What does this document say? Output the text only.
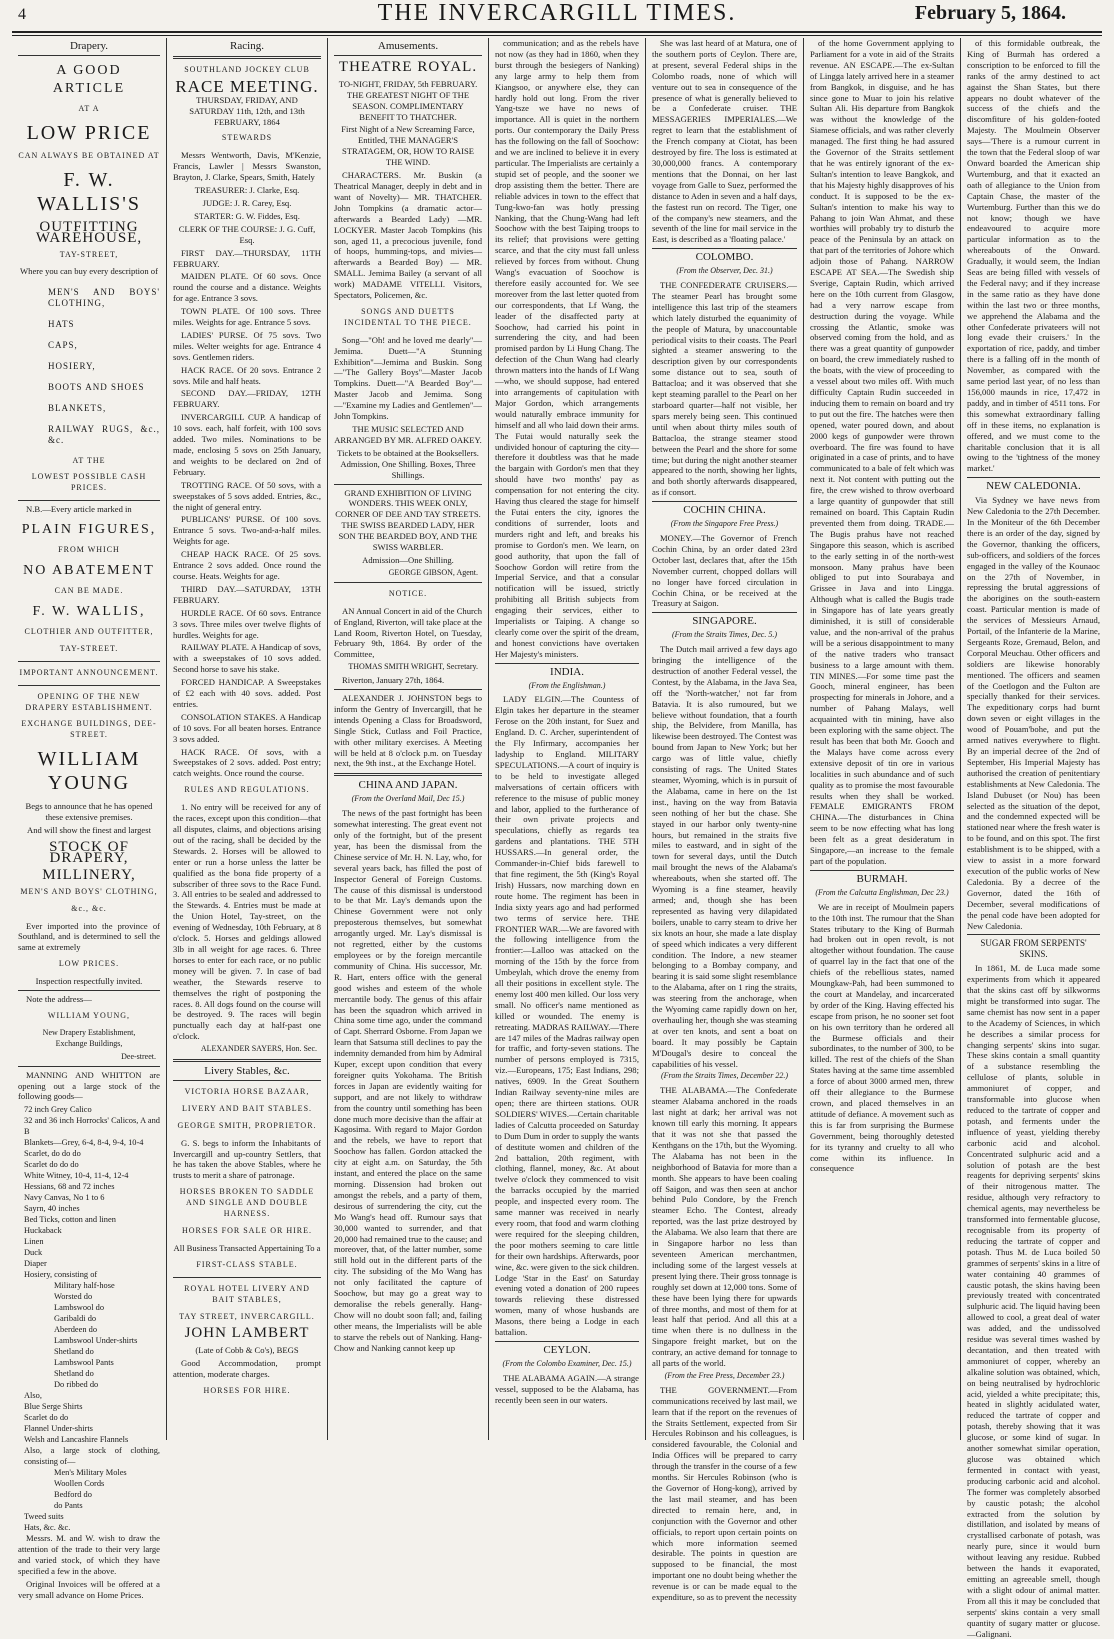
4	THE INVERCARGILL TIMES.	February 5, 1864.
Drapery.
A GOOD ARTICLE
AT A
LOW PRICE
CAN ALWAYS BE OBTAINED AT
F. W. WALLIS'S
OUTFITTING WAREHOUSE,
TAY-STREET,

Where you can buy every description of

MEN'S AND BOYS' CLOTHING,
HATS
CAPS,
HOSIERY,
BOOTS AND SHOES
BLANKETS,
RAILWAY RUGS, &c., &c.
AT THE
LOWEST POSSIBLE CASH PRICES.

N.B.—Every article marked in

PLAIN FIGURES,
FROM WHICH
NO ABATEMENT
CAN BE MADE.
F. W. WALLIS,
CLOTHIER AND OUTFITTER,
TAY-STREET.
IMPORTANT ANNOUNCEMENT.
OPENING OF THE NEW DRAPERY ESTABLISHMENT.
EXCHANGE BUILDINGS, DEE-STREET.
WILLIAM YOUNG

Begs to announce that he has opened these extensive premises.

And will show the finest and largest

STOCK OF DRAPERY,
MILLINERY,
MEN'S AND BOYS' CLOTHING,
&c., &c.

Ever imported into the province of Southland, and is determined to sell the same at extremely

LOW PRICES.

Inspection respectfully invited.

Note the address—

WILLIAM YOUNG,
New Drapery Establishment,
Exchange Buildings,
Dee-street.

MANNING AND WHITTON are opening out a large stock of the following goods—

72 inch Grey Calico
32 and 36 inch Horrocks' Calicos, A and B
Blankets—Grey, 6-4, 8-4, 9-4, 10-4
Scarlet, do do do
Scarlet do do do
White Witney, 10-4, 11-4, 12-4
Hessians, 68 and 72 inches
Navy Canvas, No 1 to 6
Sayrn, 40 inches
Bed Ticks, cotton and linen
Huckaback
Linen
Duck
Diaper
Hosiery, consisting of
Military half-hose
Worsted do
Lambswool do
Garibaldi do
Aberdeen do
Lambswool Under-shirts
Shetland do
Lambswool Pants
Shetland do
Do ribbed do
Also,
Blue Serge Shirts
Scarlet do do
Flannel Under-shirts
Welsh and Lancashire Flannels
Also, a large stock of clothing, consisting of—
Men's Military Moles
Woollen Cords
Bedford do
do Pants
Tweed suits
Hats, &c. &c.

Messrs. M. and W. wish to draw the attention of the trade to their very large and varied stock, of which they have specified a few in the above.

Original Invoices will be offered at a very small advance on Home Prices.

Racing.
SOUTHLAND JOCKEY CLUB
RACE MEETING.

THURSDAY, FRIDAY, AND SATURDAY 11th, 12th, and 13th FEBRUARY, 1864

STEWARDS

Messrs Wentworth, Davis, M'Kenzie, Francis, Lawler | Messrs Swanston, Brayton, J. Clarke, Spears, Smith, Hately

TREASURER: J. Clarke, Esq.

JUDGE: J. R. Carey, Esq.

STARTER: G. W. Fiddes, Esq.

CLERK OF THE COURSE: J. G. Cuff, Esq.

FIRST DAY.—THURSDAY, 11TH FEBRUARY.

MAIDEN PLATE. Of 60 sovs. Once round the course and a distance. Weights for age. Entrance 3 sovs.

TOWN PLATE. Of 100 sovs. Three miles. Weights for age. Entrance 5 sovs.

LADIES' PURSE. Of 75 sovs. Two miles. Welter weights for age. Entrance 4 sovs. Gentlemen riders.

HACK RACE. Of 20 sovs. Entrance 2 sovs. Mile and half heats.

SECOND DAY.—FRIDAY, 12TH FEBRUARY.

INVERCARGILL CUP. A handicap of 10 sovs. each, half forfeit, with 100 sovs added. Two miles. Nominations to be made, enclosing 5 sovs on 25th January, and weights to be declared on 2nd of February.

TROTTING RACE. Of 50 sovs, with a sweepstakes of 5 sovs added. Entries, &c., the night of general entry.

PUBLICANS' PURSE. Of 100 sovs. Entrance 5 sovs. Two-and-a-half miles. Weights for age.

CHEAP HACK RACE. Of 25 sovs. Entrance 2 sovs added. Once round the course. Heats. Weights for age.

THIRD DAY.—SATURDAY, 13TH FEBRUARY.

HURDLE RACE. Of 60 sovs. Entrance 3 sovs. Three miles over twelve flights of hurdles. Weights for age.

RAILWAY PLATE. A Handicap of sovs, with a sweepstakes of 10 sovs added. Second horse to save his stake.

FORCED HANDICAP. A Sweepstakes of £2 each with 40 sovs. added. Post entries.

CONSOLATION STAKES. A Handicap of 10 sovs. For all beaten horses. Entrance 3 sovs added.

HACK RACE. Of sovs, with a Sweepstakes of 2 sovs. added. Post entry; catch weights. Once round the course.

RULES AND REGULATIONS.

1. No entry will be received for any of the races, except upon this condition—that all disputes, claims, and objections arising out of the racing, shall be decided by the Stewards. 2. Horses will be allowed to enter or run a horse unless the latter be qualified as the bona fide property of a subscriber of three sovs to the Race Fund. 3. All entries to be sealed and addressed to the Stewards. 4. Entries must be made at the Union Hotel, Tay-street, on the evening of Wednesday, 10th February, at 8 o'clock. 5. Horses and geldings allowed 3lb in all weight for age races. 6. Three horses to enter for each race, or no public money will be given. 7. In case of bad weather, the Stewards reserve to themselves the right of postponing the races. 8. All dogs found on the course will be destroyed. 9. The races will begin punctually each day at half-past one o'clock.

ALEXANDER SAYERS, Hon. Sec.
Livery Stables, &c.
VICTORIA HORSE BAZAAR,
LIVERY AND BAIT STABLES.
GEORGE SMITH, PROPRIETOR.

G. S. begs to inform the Inhabitants of Invercargill and up-country Settlers, that he has taken the above Stables, where he trusts to merit a share of patronage.

HORSES BROKEN TO SADDLE AND SINGLE AND DOUBLE HARNESS.
HORSES FOR SALE OR HIRE.

All Business Transacted Appertaining To a

FIRST-CLASS STABLE.
ROYAL HOTEL LIVERY AND BAIT STABLES,
TAY STREET, INVERCARGILL.
JOHN LAMBERT

(Late of Cobb & Co's), BEGS

Good Accommodation, prompt attention, moderate charges.

HORSES FOR HIRE.
Amusements.
THEATRE ROYAL.

TO-NIGHT, FRIDAY, 5th FEBRUARY. THE GREATEST NIGHT OF THE SEASON. COMPLIMENTARY BENEFIT TO THATCHER.

First Night of a New Screaming Farce, Entitled, THE MANAGER'S STRATAGEM, OR, HOW TO RAISE THE WIND.

CHARACTERS. Mr. Buskin (a Theatrical Manager, deeply in debt and in want of Novelty)— MR. THATCHER. John Tompkins (a dramatic actor—afterwards a Bearded Lady) —MR. LOCKYER. Master Jacob Tompkins (his son, aged 11, a precocious juvenile, fond of hoops, humming-tops, and mivies—afterwards a Bearded Boy) — MR. SMALL. Jemima Bailey (a servant of all work) MADAME VITELLI. Visitors, Spectators, Policemen, &c.

SONGS AND DUETTS INCIDENTAL TO THE PIECE.

Song—"Oh! and he loved me dearly"—Jemima. Duett—"A Stunning Exhibition"—Jemima and Buskin. Song—"The Gallery Boys"—Master Jacob Tompkins. Duett—"A Bearded Boy"—Master Jacob and Jemima. Song—"Examine my Ladies and Gentlemen"—John Tompkins.

THE MUSIC SELECTED AND ARRANGED BY MR. ALFRED OAKEY.

Tickets to be obtained at the Booksellers. Admission, One Shilling. Boxes, Three Shillings.

GRAND EXHIBITION OF LIVING WONDERS. THIS WEEK ONLY, CORNER OF DEE AND TAY STREETS. THE SWISS BEARDED LADY, HER SON THE BEARDED BOY, AND THE SWISS WARBLER.

Admission—One Shilling.

GEORGE GIBSON, Agent.
NOTICE.

AN Annual Concert in aid of the Church of England, Riverton, will take place at the Land Room, Riverton Hotel, on Tuesday, February 9th, 1864. By order of the Committee,

THOMAS SMITH WRIGHT, Secretary.

Riverton, January 27th, 1864.

ALEXANDER J. JOHNSTON begs to inform the Gentry of Invercargill, that he intends Opening a Class for Broadsword, Single Stick, Cutlass and Foil Practice, with other military exercises. A Meeting will be held at 8 o'clock p.m. on Tuesday next, the 9th inst., at the Exchange Hotel.

CHINA AND JAPAN.
(From the Overland Mail, Dec 15.)

The news of the past fortnight has been somewhat interesting. The great event not only of the fortnight, but of the present year, has been the dismissal from the Chinese service of Mr. H. N. Lay, who, for several years back, has filled the post of Inspector General of Foreign Customs. The cause of this dismissal is understood to be that Mr. Lay's demands upon the Chinese Government were not only preposterous themselves, but somewhat arrogantly urged. Mr. Lay's dismissal is not regretted, either by the customs employees or by the foreign mercantile community of China. His successor, Mr. R. Hart, enters office with the general good wishes and esteem of the whole mercantile body. The genus of this affair has been the squadron which arrived in China some time ago, under the command of Capt. Sherrard Osborne. From Japan we learn that Satsuma still declines to pay the indemnity demanded from him by Admiral Kuper, except upon condition that every foreigner quits Yokohama. The British forces in Japan are evidently waiting for support, and are not likely to withdraw from the country until something has been done much more decisive than the affair at Kagosima. With regard to Major Gordon and the rebels, we have to report that Soochow has fallen. Gordon attacked the city at eight a.m. on Saturday, the 5th instant, and entered the place on the same morning. Dissension had broken out amongst the rebels, and a party of them, desirous of surrendering the city, cut the Mo Wang's head off. Rumour says that 30,000 wanted to surrender, and that 20,000 had remained true to the cause; and moreover, that, of the latter number, some still hold out in the different parts of the city. The subsiding of the Mo Wang has not only facilitated the capture of Soochow, but may go a great way to demoralise the rebels generally. Hang-Chow will no doubt soon fall; and, failing other means, the Imperialists will be able to starve the rebels out of Nanking. Hang-Chow and Nanking cannot keep up

communication; and as the rebels have not now (as they had in 1860, when they burst through the besiegers of Nanking) any large army to help them from Kiangsoo, or anywhere else, they can hardly hold out long. From the river Yang-tsze we have no news of importance. All is quiet in the northern ports. Our contemporary the Daily Press has the following on the fall of Soochow: and we are inclined to believe it in every particular. The Imperialists are certainly a stupid set of people, and the sooner we drop assisting them the better. There are reliable advices in town to the effect that Tung-kwo-fan was hotly pressing Nanking, that the Chung-Wang had left Soochow with the best Taiping troops to its relief; that provisions were getting scarce, and that the city must fall unless relieved by forces from without. Chung Wang's evacuation of Soochow is therefore easily accounted for. We see moreover from the last letter quoted from our correspondents, that Lf Wang, the leader of the disaffected party at Soochow, had carried his point in surrendering the city, and had been promised pardon by Li Hung Chang. The defection of the Chun Wang had clearly thrown matters into the hands of Lf Wang—who, we should suppose, had entered into arrangements of capitulation with Major Gordon, which arrangements would naturally embrace immunity for himself and all who laid down their arms. The Futai would naturally seek the undivided honour of capturing the city—therefore it doubtless was that he made the bargain with Gordon's men that they should have two months' pay as compensation for not entering the city. Having thus cleared the stage for himself the Futai enters the city, ignores the conditions of surrender, loots and murders right and left, and breaks his promise to Gordon's men. We learn, on good authority, that upon the fall of Soochow Gordon will retire from the Imperial Service, and that a consular notification will be issued, strictly prohibiting all British subjects from engaging their services, either to Imperialists or Taiping. A change so clearly come over the spirit of the dream, and honest convictions have overtaken Her Majesty's ministers.

INDIA.
(From the Englishman.)

LADY ELGIN.—The Countess of Elgin takes her departure in the steamer Ferose on the 20th instant, for Suez and England. D. C. Archer, superintendent of the Fly Infirmary, accompanies her ladyship to England. MILITARY SPECULATIONS.—A court of inquiry is to be held to investigate alleged malversations of certain officers with reference to the misuse of public money and labor, applied to the furtherance of their own private projects and speculations, chiefly as regards tea gardens and plantations. THE 5TH HUSSARS.—In general order, the Commander-in-Chief bids farewell to that fine regiment, the 5th (King's Royal Irish) Hussars, now marching down en route home. The regiment has been in India sixty years ago and had performed two terms of service here. THE FRONTIER WAR.—We are favored with the following intelligence from the frontier:—Lalloo was attacked on the morning of the 15th by the force from Umbeylah, which drove the enemy from all their positions in excellent style. The enemy lost 400 men killed. Our loss very small. No officer's name mentioned as killed or wounded. The enemy is retreating. MADRAS RAILWAY.—There are 147 miles of the Madras railway open for traffic, and forty-seven stations. The number of persons employed is 7315, viz.—Europeans, 175; East Indians, 298; natives, 6909. In the Great Southern Indian Railway seventy-nine miles are open; there are thirteen stations. OUR SOLDIERS' WIVES.—Certain charitable ladies of Calcutta proceeded on Saturday to Dum Dum in order to supply the wants of destitute women and children of the 2nd battalion, 20th regiment, with clothing, flannel, money, &c. At about twelve o'clock they commenced to visit the barracks occupied by the married people, and inspected every room. The same manner was received in nearly every room, that food and warm clothing were required for the sleeping children, the poor mothers seeming to care little for their own hardships. Afterwards, poor wine, &c. were given to the sick children. Lodge 'Star in the East' on Saturday evening voted a donation of 200 rupees towards relieving these distressed women, many of whose husbands are Masons, there being a Lodge in each battalion.

CEYLON.
(From the Colombo Examiner, Dec. 15.)

THE ALABAMA AGAIN.—A strange vessel, supposed to be the Alabama, has recently been seen in our waters.

She was last heard of at Matura, one of the southern ports of Ceylon. There are, at present, several Federal ships in the Colombo roads, none of which will venture out to sea in consequence of the presence of what is generally believed to be a Confederate cruiser. THE MESSAGERIES IMPERIALES.—We regret to learn that the establishment of the French company at Ciotat, has been destroyed by fire. The loss is estimated at 30,000,000 francs. A contemporary mentions that the Donnai, on her last voyage from Galle to Suez, performed the distance to Aden in seven and a half days, the fastest run on record. The Tiger, one of the company's new steamers, and the seventh of the line for mail service in the East, is described as a 'floating palace.'

COLOMBO.
(From the Observer, Dec. 31.)

THE CONFEDERATE CRUISERS.—The steamer Pearl has brought some intelligence this last trip of the steamers which lately disturbed the equanimity of the people of Matura, by unaccountable periodical visits to their coasts. The Pearl sighted a steamer answering to the description given by our correspondents some distance out to sea, south of Battacloa; and it was observed that she kept steaming parallel to the Pearl on her starboard quarter—half not visible, her spars merely being seen. This continued until when about thirty miles south of Battacloa, the strange steamer stood between the Pearl and the shore for some time; but during the night another steamer appeared to the north, showing her lights, and both shortly afterwards disappeared, as if consort.

COCHIN CHINA.
(From the Singapore Free Press.)

MONEY.—The Governor of French Cochin China, by an order dated 23rd October last, declares that, after the 15th November current, chopped dollars will no longer have forced circulation in Cochin China, or be received at the Treasury at Saigon.

SINGAPORE.
(From the Straits Times, Dec. 5.)

The Dutch mail arrived a few days ago bringing the intelligence of the destruction of another Federal vessel, the Contest, by the Alabama, in the Java Sea, off the 'North-watcher,' not far from Batavia. It is also rumoured, but we believe without foundation, that a fourth ship, the Belvidere, from Manilla, has likewise been destroyed. The Contest was bound from Japan to New York; but her cargo was of little value, chiefly consisting of rags. The United States steamer, Wyoming, which is in pursuit of the Alabama, came in here on the 1st inst., having on the way from Batavia seen nothing of her but the chase. She stayed in our harbor only twenty-nine hours, but remained in the straits five miles to eastward, and in sight of the town for several days, until the Dutch mail brought the news of the Alabama's whereabouts, when she started off. The Wyoming is a fine steamer, heavily armed; and, though she has been represented as having very dilapidated boilers, unable to carry steam to drive her six knots an hour, she made a late display of speed which indicates a very different condition. The Indore, a new steamer belonging to a Bombay company, and bearing it is said some slight resemblance to the Alabama, after on 1 ring the straits, was steering from the anchorage, when the Wyoming came rapidly down on her, overhauling her, though she was steaming at over ten knots, and sent a boat on board. It may possibly be Captain M'Dougal's desire to conceal the capabilities of his vessel.

(From the Straits Times, December 22.)

THE ALABAMA.—The Confederate steamer Alabama anchored in the roads last night at dark; her arrival was not known till early this morning. It appears that it was not she that passed the Kenthgans on the 17th, but the Wyoming. The Alabama has not been in the neighborhood of Batavia for more than a month. She appears to have been coaling off Saigon, and was then seen at anchor behind Pulo Condore, by the French steamer Echo. The Contest, already reported, was the last prize destroyed by the Alabama. We also learn that there are in Singapore harbor no less than seventeen American merchantmen, including some of the largest vessels at present lying there. Their gross tonnage is roughly set down at 12,000 tons. Some of these have been lying there for upwards of three months, and most of them for at least half that period. And all this at a time when there is no dullness in the Singapore freight market, but on the contrary, an active demand for tonnage to all parts of the world.

(From the Free Press, December 23.)

THE GOVERNMENT.—From communications received by last mail, we learn that if the report on the revenues of the Straits Settlement, expected from Sir Hercules Robinson and his colleagues, is considered favourable, the Colonial and India Offices will be prepared to carry through the transfer in the course of a few months. Sir Hercules Robinson (who is the Governor of Hong-kong), arrived by the last mail steamer, and has been directed to remain here, and, in conjunction with the Governor and other officials, to report upon certain points on which more information seemed desirable. The points in question are supposed to be financial, the most important one no doubt being whether the revenue is or can be made equal to the expenditure, so as to prevent the necessity

of the home Government applying to Parliament for a vote in aid of the Straits revenue. AN ESCAPE.—The ex-Sultan of Lingga lately arrived here in a steamer from Bangkok, in disguise, and he has since gone to Muar to join his relative Sultan Ali. His departure from Bangkok was without the knowledge of the Siamese officials, and was rather cleverly managed. The first thing he had assured the Governor of the Straits settlement that he was entirely ignorant of the ex-Sultan's intention to leave Bangkok, and that his Majesty highly disapproves of his conduct. It is supposed to be the ex-Sultan's intention to make his way to Pahang to join Wan Ahmat, and these worthies will probably try to disturb the peace of the Peninsula by an attack on that part of the territories of Johore which adjoin those of Pahang. NARROW ESCAPE AT SEA.—The Swedish ship Sverige, Captain Rudin, which arrived here on the 10th current from Glasgow, had a very narrow escape from destruction during the voyage. While crossing the Atlantic, smoke was observed coming from the hold, and as there was a great quantity of gunpowder on board, the crew immediately rushed to the boats, with the view of proceeding to a vessel about two miles off. With much difficulty Captain Rudin succeeded in inducing them to remain on board and try to put out the fire. The hatches were then opened, water poured down, and about 2000 kegs of gunpowder were thrown overboard. The fire was found to have originated in a case of prints, and to have communicated to a bale of felt which was next it. Not content with putting out the fire, the crew wished to throw overboard a large quantity of gunpowder that still remained on board. This Captain Rudin prevented them from doing. TRADE.—The Bugis prahus have not reached Singapore this season, which is ascribed to the early setting in of the north-west monsoon. Many prahus have been obliged to put into Sourabaya and Grissee in Java and into Lingga. Although what is called the Bugis trade in Singapore has of late years greatly diminished, it is still of considerable value, and the non-arrival of the prahus will be a serious disappointment to many of the native traders who transact business to a large amount with them. TIN MINES.—For some time past the Gooch, mineral engineer, has been prospecting for minerals in Johore, and a number of Pahang Malays, well acquainted with tin mining, have also been exploring with the same object. The result has been that both Mr. Gooch and the Malays have come across every extensive deposit of tin ore in various localities in such abundance and of such quality as to promise the most favourable results when they shall be worked. FEMALE EMIGRANTS FROM CHINA.—The disturbances in China seem to be now effecting what has long been felt as a great desideratum in Singapore,—an increase to the female part of the population.

BURMAH.
(From the Calcutta Englishman, Dec 23.)

We are in receipt of Moulmein papers to the 10th inst. The rumour that the Shan States tributary to the King of Burmah had broken out in open revolt, is not altogether without foundation. The cause of quarrel lay in the fact that one of the chiefs of the rebellious states, named Moungkaw-Pah, had been summoned to the court at Mandelay, and incarcerated by order of the King. Having effected his escape from prison, he no sooner set foot on his own territory than he ordered all the Burmese officials and their subordinates, to the number of 300, to be killed. The rest of the chiefs of the Shan States having at the same time assembled a force of about 3000 armed men, threw off their allegiance to the Burmese crown, and placed themselves in an attitude of defiance. A movement such as this is far from surprising the Burmese Government, being thoroughly detested for its tyranny and cruelty to all who come within its influence. In consequence

of this formidable outbreak, the King of Burmah has ordered a conscription to be enforced to fill the ranks of the army destined to act against the Shan States, but there appears no doubt whatever of the success of the chiefs and the discomfiture of his golden-footed Majesty. The Moulmein Observer says—'There is a rumour current in the town that the Federal sloop of war Onward boarded the American ship Wurtemburg, and that it exacted an oath of allegiance to the Union from Captain Chase, the master of the Wurtemburg. Further than this we do not know; though we have endeavoured to acquire more particular information as to the whereabouts of the Onward. Gradually, it would seem, the Indian Seas are being filled with vessels of the Federal navy; and if they increase in the same ratio as they have done within the last two or three months, we apprehend the Alabama and the other Confederate privateers will not long evade their cruisers.' In the exportation of rice, paddy, and timber there is a falling off in the month of November, as compared with the same period last year, of no less than 156,000 maunds in rice, 17,472 in paddy, and in timber of 4511 tons. For this somewhat extraordinary falling off in these items, no explanation is offered, and we must come to the charitable conclusion that it is all owing to the 'tightness of the money market.'

NEW CALEDONIA.

Via Sydney we have news from New Caledonia to the 27th December. In the Moniteur of the 6th December there is an order of the day, signed by the Governor, thanking the officers, sub-officers, and soldiers of the forces engaged in the valley of the Kounaoc on the 27th of November, in repressing the brutal aggressions of the aborigines on the south-eastern coast. Particular mention is made of the services of Messieurs Arnaud, Portail, of the Infanterie de la Marine, Sergeants Roze, Gremaud, Belon, and Corporal Meuchau. Other officers and soldiers are likewise honorably mentioned. The officers and seamen of the Coetlogon and the Fulton are specially thanked for their services. The expeditionary corps had burnt down seven or eight villages in the wood of Pouam'bohe, and put the armed natives everywhere to flight. By an imperial decree of the 2nd of September, His Imperial Majesty has authorised the creation of penitentiary establishments at New Caledonia. The Island Dubuset (or Nou) has been selected as the situation of the depot, and the condemned expected will be stationed near where the fresh water is to be found, and on this spot. The first establishment is to be shipped, with a view to assist in a more forward execution of the public works of New Caledonia. By a decree of the Governor, dated the 16th of December, several modifications of the penal code have been adopted for New Caledonia.

SUGAR FROM SERPENTS' SKINS.

In 1861, M. de Luca made some experiments from which it appeared that the skins cast off by silkworms might be transformed into sugar. The same chemist has now sent in a paper to the Academy of Sciences, in which he describes a similar process for changing serpents' skins into sugar. These skins contain a small quantity of a substance resembling the cellulose of plants, soluble in ammoniuret of copper, and transformable into glucose when reduced to the tartrate of copper and potash, and ferments under the influence of yeast, yielding thereby carbonic acid and alcohol. Concentrated sulphuric acid and a solution of potash are the best reagents for depriving serpents' skins of their nitrogenous matter. The residue, although very refractory to chemical agents, may nevertheless be transformed into fermentable glucose, recognisable from its property of reducing the tartrate of copper and potash. Thus M. de Luca boiled 50 grammes of serpents' skins in a litre of water containing 40 grammes of caustic potash, the skins having been previously treated with concentrated sulphuric acid. The liquid having been allowed to cool, a great deal of water was added, and the undissolved residue was several times washed by decantation, and then treated with ammoniuret of copper, whereby an alkaline solution was obtained, which, on being neutralised by hydrochloric acid, yielded a white precipitate; this, heated in slightly acidulated water, reduced the tartrate of copper and potash, thereby showing that it was glucose, or some kind of sugar. In another somewhat similar operation, glucose was obtained which fermented in contact with yeast, producing carbonic acid and alcohol. The former was completely absorbed by caustic potash; the alcohol extracted from the solution by distillation, and isolated by means of crystallised carbonate of potash, was nearly pure, since it would burn without leaving any residue. Rubbed between the hands it evaporated, emitting an agreeable smell, though with a slight odour of animal matter. From all this it may be concluded that serpents' skins contain a very small quantity of sugary matter or glucose. —Galignani.
